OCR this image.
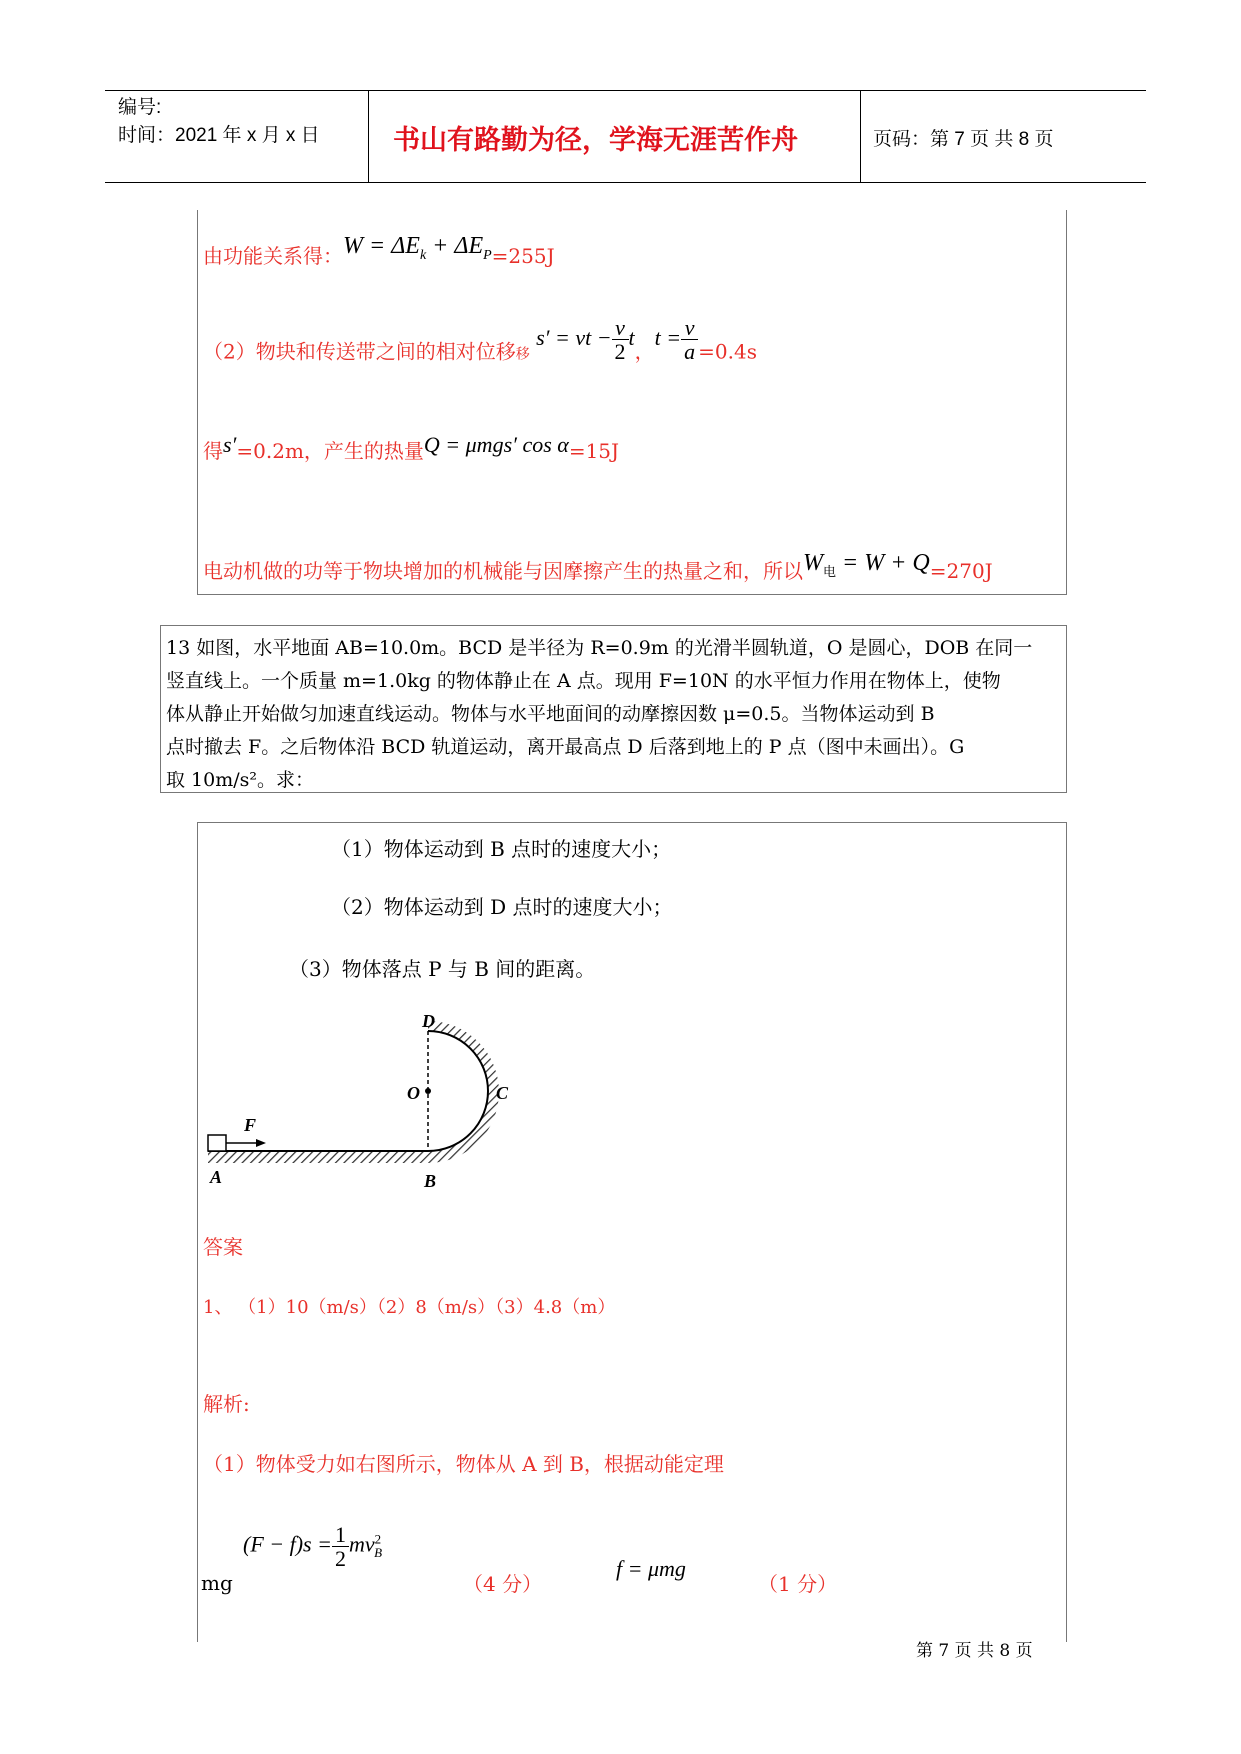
编号:
时间：2021 年 x 月 x 日	书山有路勤为径，学海无涯苦作舟	页码：第 7 页 共 8 页
由功能关系得：$W = \Delta E_k + \Delta E_P=255J$
（2）物块和传送带之间的相对位移移 s′ = vt − $\frac{v}{2}$ t，$t = \frac{v}{a} =0.4s$
得s′=0.2m，产生的热量Q = μmgs′ cos α=15J
电动机做的功等于物块增加的机械能与因摩擦产生的热量之和，所以$W_电 = W + Q=270J$
13 如图，水平地面 AB=10.0m。BCD 是半径为 R=0.9m 的光滑半圆轨道，O 是圆心，DOB 在同一
竖直线上。一个质量 m=1.0kg 的物体静止在 A 点。现用 F=10N 的水平恒力作用在物体上，使物
体从静止开始做匀加速直线运动。物体与水平地面间的动摩擦因数 μ=0.5。当物体运动到 B
点时撤去 F。之后物体沿 BCD 轨道运动，离开最高点 D 后落到地上的 P 点（图中未画出）。G
取 10m/s²。求：
（1）物体运动到 B 点时的速度大小；
（2）物体运动到 D 点时的速度大小；
（3）物体落点 P 与 B 间的距离。
D
O	C
F
A	B
答案
1、 （1）10（m/s）（2）8（m/s）（3）4.8（m）
解析:
（1）物体受力如右图所示，物体从 A 到 B，根据动能定理
mg
$(F - f)s = \frac{1}{2} mv^2_B$
（4 分）
f = μmg
（1 分）
第 7 页 共 8 页
